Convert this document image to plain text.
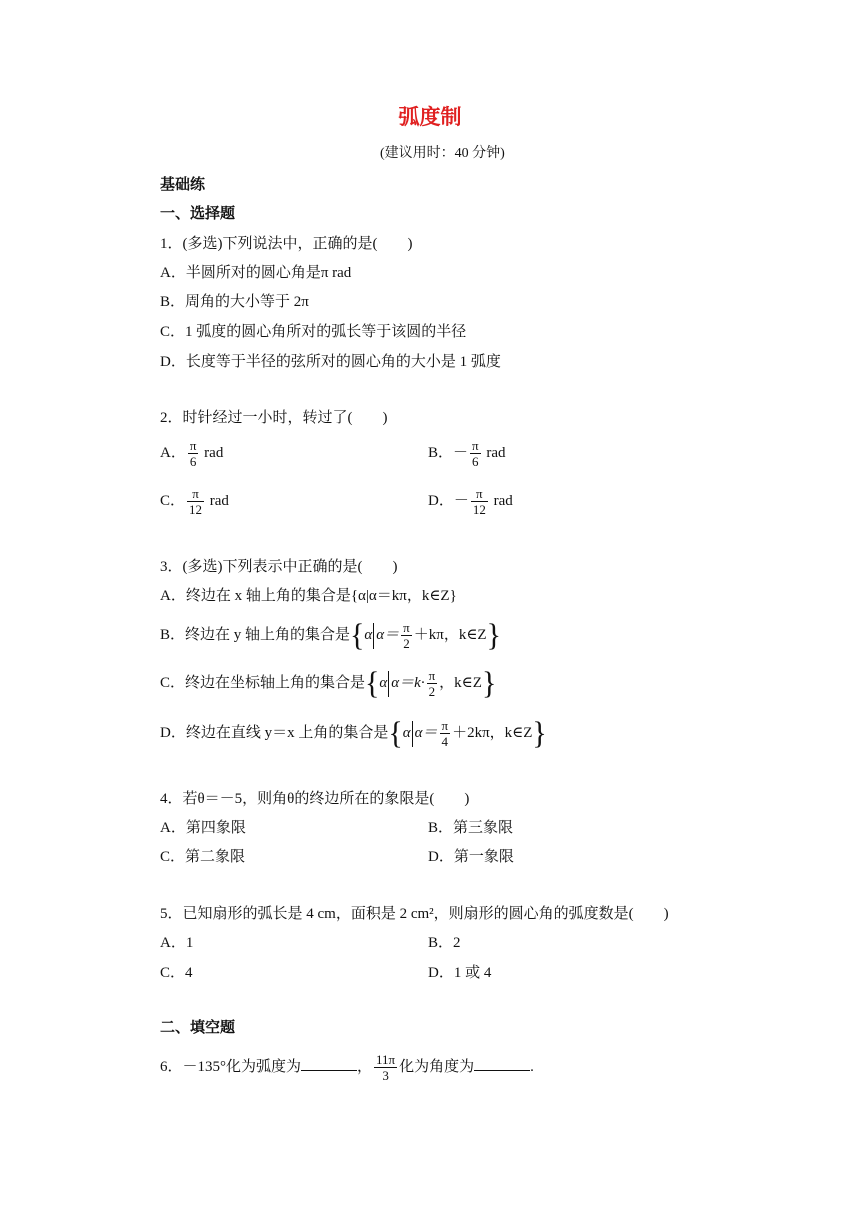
弧度制
(建议用时：40 分钟)
基础练
一、选择题
1．(多选)下列说法中，正确的是(　　)
A．半圆所对的圆心角是π rad
B．周角的大小等于 2π
C．1 弧度的圆心角所对的弧长等于该圆的半径
D．长度等于半径的弦所对的圆心角的大小是 1 弧度
2．时针经过一小时，转过了(　　)
A． $\frac{\pi}{6}$ rad	B．－ $\frac{\pi}{6}$ rad
C． $\frac{\pi}{12}$ rad	D．－ $\frac{\pi}{12}$ rad
3．(多选)下列表示中正确的是(　　)
A．终边在 x 轴上角的集合是{α|α＝kπ，k∈Z}
B．终边在 y 轴上角的集合是{α $\alpha= \frac{\pi}{2} +k\pi$，k∈Z}
C．终边在坐标轴上角的集合是{α $\alpha=k\cdot \frac{\pi}{2}$ ，k∈Z}
D．终边在直线 y＝x 上角的集合是{α $\alpha= \frac{\pi}{4} +2k\pi$，k∈Z}
4．若θ＝－5，则角θ的终边所在的象限是(　　)
A．第四象限	B．第三象限
C．第二象限	D．第一象限
5．已知扇形的弧长是 4 cm，面积是 2 cm²，则扇形的圆心角的弧度数是(　　)
A．1	B．2
C．4	D．1 或 4
二、填空题
6．－135°化为弧度为	， $\frac{11\pi}{3}$ 化为角度为	.
